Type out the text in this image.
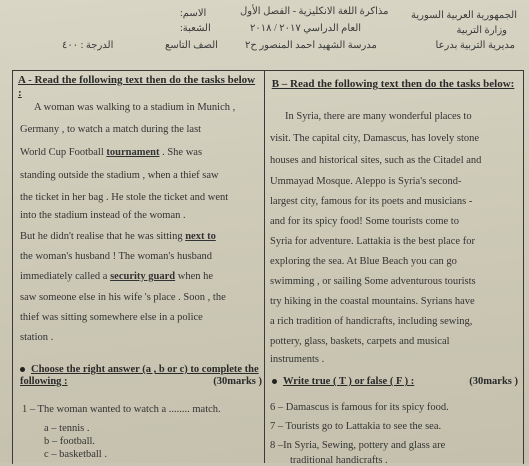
الجمهورية العربية السورية
وزارة التربية
مديرية التربية بدرعا
مذاكرة اللغة الانكليزية - الفصل الأول
العام الدراسي ٢٠١٧ / ٢٠١٨
مدرسة الشهيد احمد المنصور ح٢
الاسم:
الشعبة:
الصف التاسع
الدرجة : ٤٠٠
A - Read the following text then do the tasks below :
A woman was walking to a stadium in Munich ,
Germany , to watch a match during the last
World Cup Football tournament . She was
standing outside the stadium , when a thief saw
the ticket in her bag . He stole the ticket and went
into the stadium instead of the woman .
But he didn't realise that he was sitting next to
the woman's husband ! The woman's husband
immediately called a security guard when he
saw someone else in his wife 's place . Soon , the
thief was sitting somewhere else in a police
station .
Choose the right answer (a , b or c) to complete the following :	(30marks )
1 – The woman wanted to watch a ........ match.
a – tennis .
b – football.
c – basketball .
B – Read the following text then do the tasks below:
In Syria, there are many wonderful places to
visit. The capital city, Damascus, has lovely stone
houses and historical sites, such as the Citadel and
Ummayad Mosque. Aleppo is Syria's second-
largest city, famous for its poets and musicians -
and for its spicy food! Some tourists come to
Syria for adventure. Lattakia is the best place for
exploring the sea. At Blue Beach you can go
swimming , or sailing Some adventurous tourists
try hiking in the coastal mountains. Syrians have
a rich tradition of handicrafts, including sewing,
pottery, glass, baskets, carpets and musical
instruments .
Write true ( T ) or false ( F ) :	(30marks )
6 – Damascus is famous for its spicy food.
7 – Tourists go to Lattakia to see the sea.
8 –In Syria, Sewing, pottery and glass are
traditional handicrafts .
